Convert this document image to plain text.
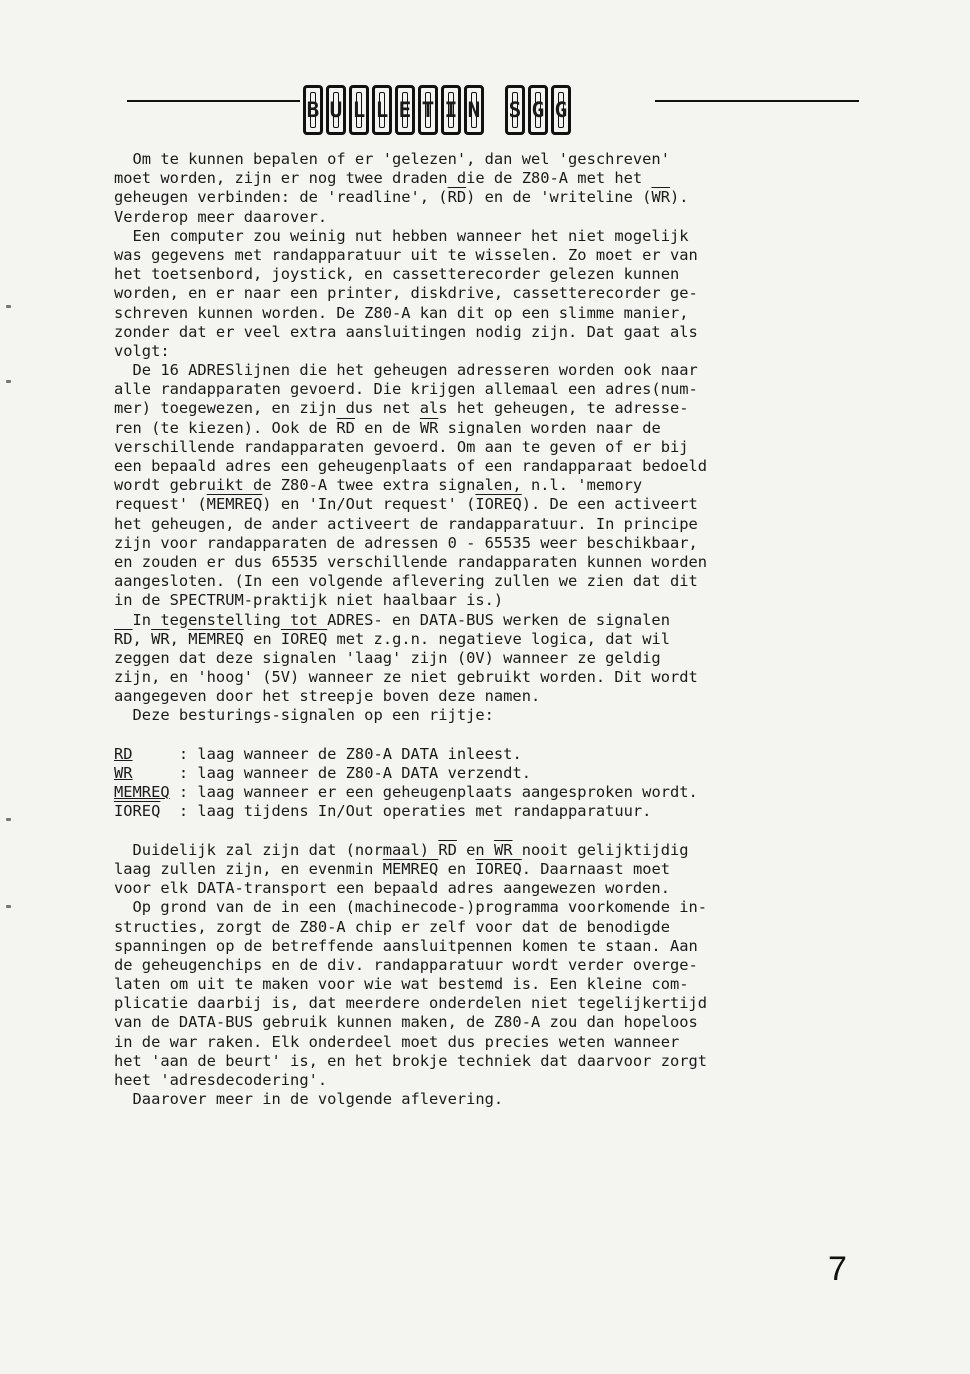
B U L L E T I N S G G
Om te kunnen bepalen of er 'gelezen', dan wel 'geschreven'
moet worden, zijn er nog twee draden die de Z80-A met het
geheugen verbinden: de 'readline', $(\overline{RD})$ en de 'writeline $(\overline{WR})$.
Verderop meer daarover.
Een computer zou weinig nut hebben wanneer het niet mogelijk
was gegevens met randapparatuur uit te wisselen. Zo moet er van
het toetsenbord, joystick, en cassetterecorder gelezen kunnen
worden, en er naar een printer, diskdrive, cassetterecorder ge-
schreven kunnen worden. De Z80-A kan dit op een slimme manier,
zonder dat er veel extra aansluitingen nodig zijn. Dat gaat als
volgt:
De 16 ADRESlijnen die het geheugen adresseren worden ook naar
alle randapparaten gevoerd. Die krijgen allemaal een adres(num-
mer) toegewezen, en zijn dus net als het geheugen, te adresse-
ren (te kiezen). Ook de $\overline{RD}$ en de $\overline{WR}$ signalen worden naar de
verschillende randapparaten gevoerd. Om aan te geven of er bij
een bepaald adres een geheugenplaats of een randapparaat bedoeld
wordt gebruikt de Z80-A twee extra signalen, n.l. 'memory
request' (MEMREQ) en 'In/Out request' (IOREQ). De een activeert
het geheugen, de ander activeert de randapparatuur. In principe
zijn voor randapparaten de adressen 0 - 65535 weer beschikbaar,
en zouden er dus 65535 verschillende randapparaten kunnen worden
aangesloten. (In een volgende aflevering zullen we zien dat dit
in de SPECTRUM-praktijk niet haalbaar is.)
In tegenstelling tot ADRES- en DATA-BUS werken de signalen
$\overline{RD}$, $\overline{WR}$, MEMREQ en IOREQ met z.g.n. negatieve logica, dat wil
zeggen dat deze signalen 'laag' zijn (0V) wanneer ze geldig
zijn, en 'hoog' (5V) wanneer ze niet gebruikt worden. Dit wordt
aangegeven door het streepje boven deze namen.
Deze besturings-signalen op een rijtje:
RD     : laag wanneer de Z80-A DATA inleest.
WR     : laag wanneer de Z80-A DATA verzendt.
MEMREQ : laag wanneer er een geheugenplaats aangesproken wordt.
IOREQ  : laag tijdens In/Out operaties met randapparatuur.
Duidelijk zal zijn dat (normaal) $\overline{RD}$ en $\overline{WR}$ nooit gelijktijdig
laag zullen zijn, en evenmin MEMREQ en IOREQ. Daarnaast moet
voor elk DATA-transport een bepaald adres aangewezen worden.
Op grond van de in een (machinecode-)programma voorkomende in-
structies, zorgt de Z80-A chip er zelf voor dat de benodigde
spanningen op de betreffende aansluitpennen komen te staan. Aan
de geheugenchips en de div. randapparatuur wordt verder overge-
laten om uit te maken voor wie wat bestemd is. Een kleine com-
plicatie daarbij is, dat meerdere onderdelen niet tegelijkertijd
van de DATA-BUS gebruik kunnen maken, de Z80-A zou dan hopeloos
in de war raken. Elk onderdeel moet dus precies weten wanneer
het 'aan de beurt' is, en het brokje techniek dat daarvoor zorgt
heet 'adresdecodering'.
Daarover meer in de volgende aflevering.
7
